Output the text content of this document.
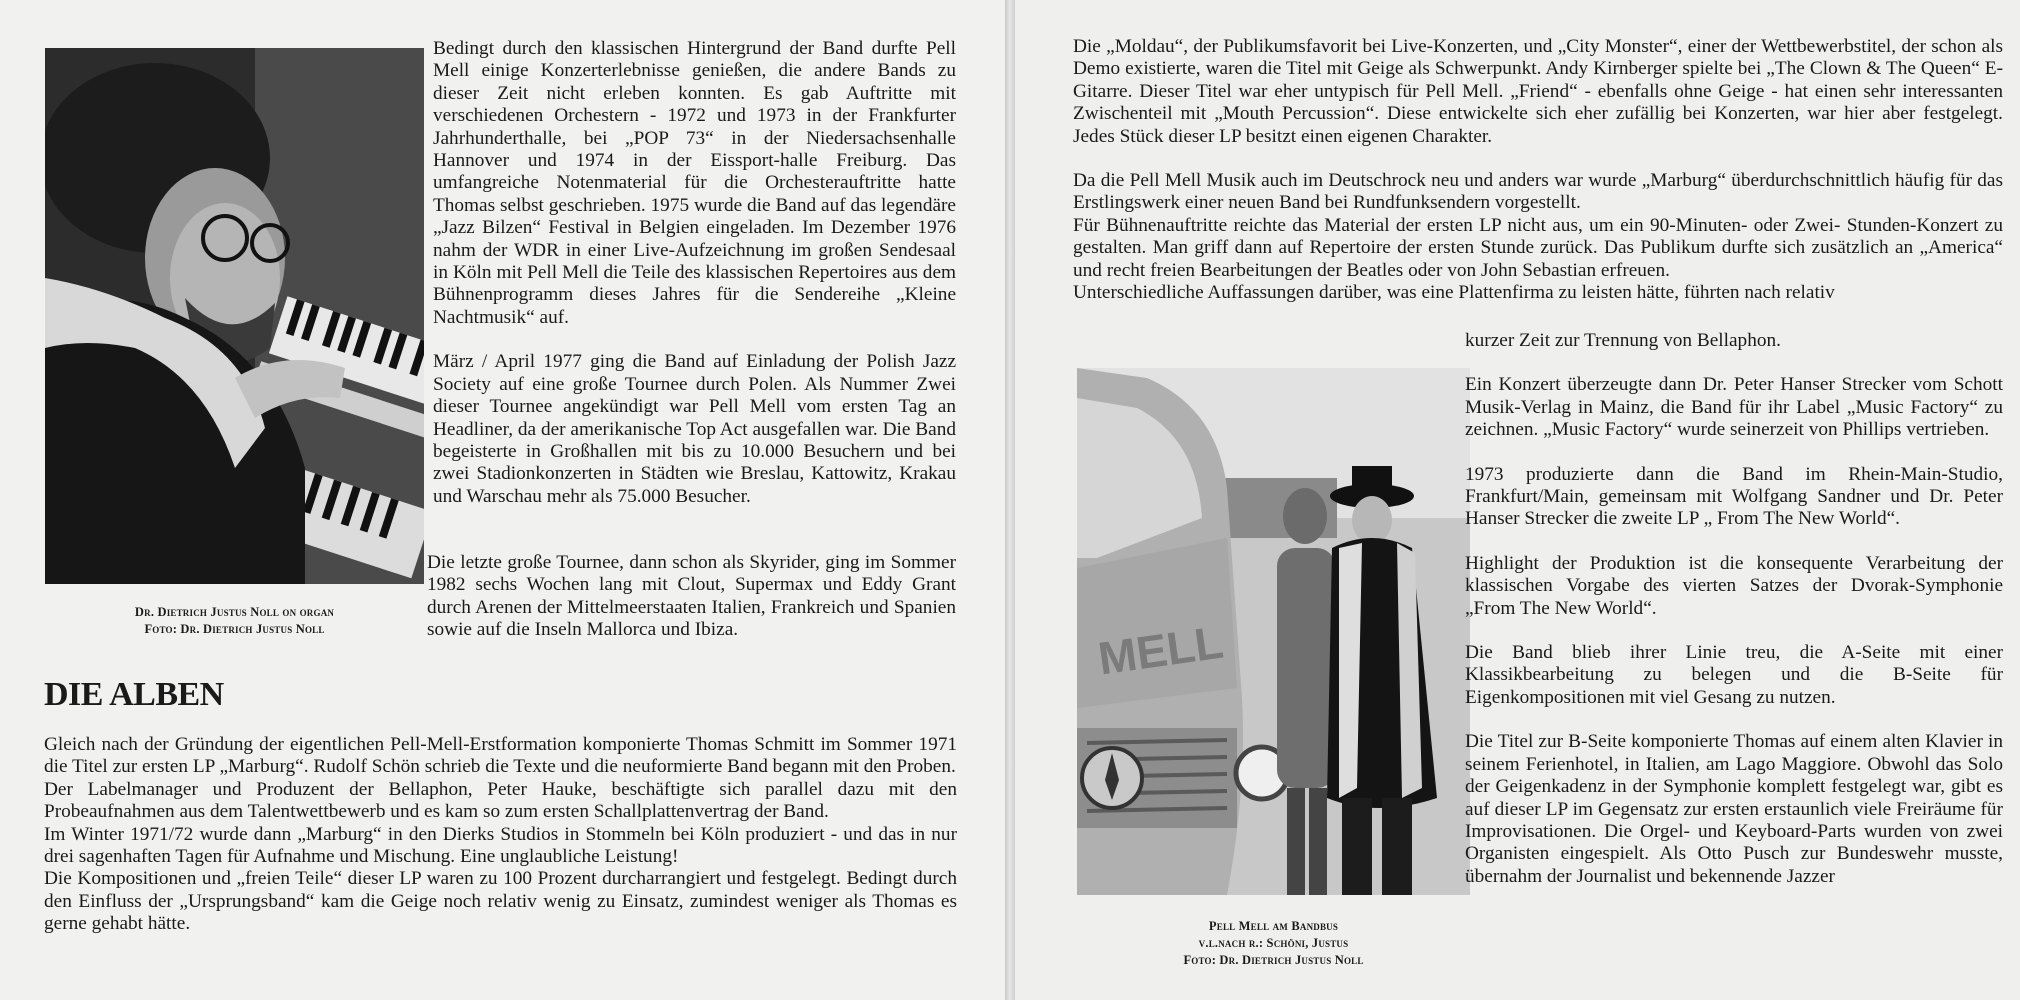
Dr. Dietrich Justus Noll on organ
Foto: Dr. Dietrich Justus Noll

Bedingt durch den klassischen Hintergrund der Band durfte Pell Mell einige Konzerterlebnisse genießen, die andere Bands zu dieser Zeit nicht erleben konnten. Es gab Auftritte mit verschiedenen Orchestern - 1972 und 1973 in der Frankfurter Jahrhunderthalle, bei „POP 73“ in der Niedersachsenhalle Hannover und 1974 in der Eissport-halle Freiburg. Das umfangreiche Notenmaterial für die Orchesterauftritte hatte Thomas selbst geschrieben. 1975 wurde die Band auf das legendäre „Jazz Bilzen“ Festival in Belgien eingeladen. Im Dezember 1976 nahm der WDR in einer Live-Aufzeichnung im großen Sendesaal in Köln mit Pell Mell die Teile des klassischen Repertoires aus dem Bühnenprogramm dieses Jahres für die Sendereihe „Kleine Nachtmusik“ auf.

März / April 1977 ging die Band auf Einladung der Polish Jazz Society auf eine große Tournee durch Polen. Als Nummer Zwei dieser Tournee angekündigt war Pell Mell vom ersten Tag an Headliner, da der amerikanische Top Act ausgefallen war. Die Band begeisterte in Großhallen mit bis zu 10.000 Besuchern und bei zwei Stadionkonzerten in Städten wie Breslau, Kattowitz, Krakau und Warschau mehr als 75.000 Besucher.

Die letzte große Tournee, dann schon als Skyrider, ging im Sommer 1982 sechs Wochen lang mit Clout, Supermax und Eddy Grant durch Arenen der Mittelmeerstaaten Italien, Frankreich und Spanien sowie auf die Inseln Mallorca und Ibiza.

DIE ALBEN

Gleich nach der Gründung der eigentlichen Pell-Mell-Erstformation komponierte Thomas Schmitt im Sommer 1971 die Titel zur ersten LP „Marburg“. Rudolf Schön schrieb die Texte und die neuformierte Band begann mit den Proben.

Der Labelmanager und Produzent der Bellaphon, Peter Hauke, beschäftigte sich parallel dazu mit den Probeaufnahmen aus dem Talentwettbewerb und es kam so zum ersten Schallplattenvertrag der Band.

Im Winter 1971/72 wurde dann „Marburg“ in den Dierks Studios in Stommeln bei Köln produziert - und das in nur drei sagenhaften Tagen für Aufnahme und Mischung. Eine unglaubliche Leistung!

Die Kompositionen und „freien Teile“ dieser LP waren zu 100 Prozent durcharrangiert und festgelegt. Bedingt durch den Einfluss der „Ursprungsband“ kam die Geige noch relativ wenig zu Einsatz, zumindest weniger als Thomas es gerne gehabt hätte.

Die „Moldau“, der Publikumsfavorit bei Live-Konzerten, und „City Monster“, einer der Wettbewerbstitel, der schon als Demo existierte, waren die Titel mit Geige als Schwerpunkt. Andy Kirnberger spielte bei „The Clown & The Queen“ E-Gitarre. Dieser Titel war eher untypisch für Pell Mell. „Friend“ - ebenfalls ohne Geige - hat einen sehr interessanten Zwischenteil mit „Mouth Percussion“. Diese entwickelte sich eher zufällig bei Konzerten, war hier aber festgelegt. Jedes Stück dieser LP besitzt einen eigenen Charakter.

Da die Pell Mell Musik auch im Deutschrock neu und anders war wurde „Marburg“ überdurchschnittlich häufig für das Erstlingswerk einer neuen Band bei Rundfunksendern vorgestellt.

Für Bühnenauftritte reichte das Material der ersten LP nicht aus, um ein 90-Minuten- oder Zwei- Stunden-Konzert zu gestalten. Man griff dann auf Repertoire der ersten Stunde zurück. Das Publikum durfte sich zusätzlich an „America“ und recht freien Bearbeitungen der Beatles oder von John Sebastian erfreuen.

Unterschiedliche Auffassungen darüber, was eine Plattenfirma zu leisten hätte, führten nach relativ

MELL
Pell Mell am Bandbus
v.l.nach r.: Schöni, Justus
Foto: Dr. Dietrich Justus Noll

kurzer Zeit zur Trennung von Bellaphon.

Ein Konzert überzeugte dann Dr. Peter Hanser Strecker vom Schott Musik-Verlag in Mainz, die Band für ihr Label „Music Factory“ zu zeichnen. „Music Factory“ wurde seinerzeit von Phillips vertrieben.

1973 produzierte dann die Band im Rhein-Main-Studio, Frankfurt/Main, gemeinsam mit Wolfgang Sandner und Dr. Peter Hanser Strecker die zweite LP „ From The New World“.

Highlight der Produktion ist die konsequente Verarbeitung der klassischen Vorgabe des vierten Satzes der Dvorak-Symphonie „From The New World“.

Die Band blieb ihrer Linie treu, die A-Seite mit einer Klassikbearbeitung zu belegen und die B-Seite für Eigenkompositionen mit viel Gesang zu nutzen.

Die Titel zur B-Seite komponierte Thomas auf einem alten Klavier in seinem Ferienhotel, in Italien, am Lago Maggiore. Obwohl das Solo der Geigenkadenz in der Symphonie komplett festgelegt war, gibt es auf dieser LP im Gegensatz zur ersten erstaunlich viele Freiräume für Improvisationen. Die Orgel- und Keyboard-Parts wurden von zwei Organisten eingespielt. Als Otto Pusch zur Bundeswehr musste, übernahm der Journalist und bekennende Jazzer
